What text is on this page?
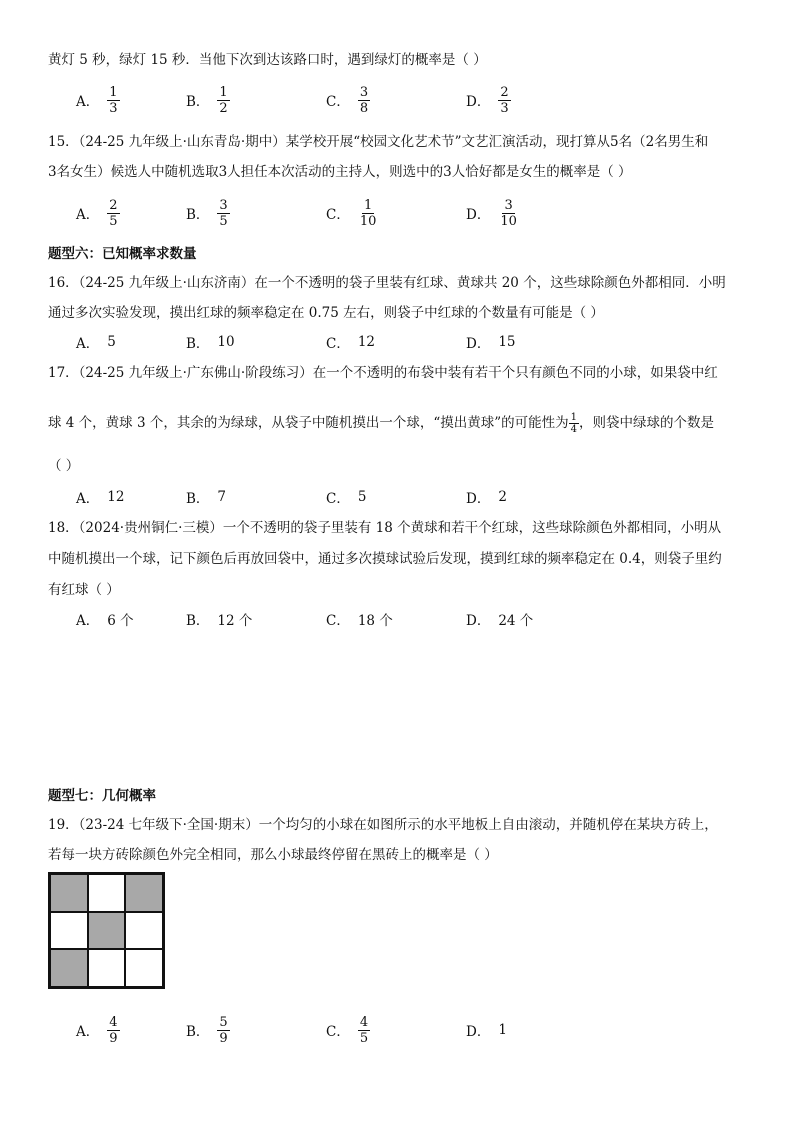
黄灯 5 秒，绿灯 15 秒．当他下次到达该路口时，遇到绿灯的概率是（ ）
A． $\frac{1}{3}$	B． $\frac{1}{2}$	C． $\frac{3}{8}$	D． $\frac{2}{3}$
15．（24-25 九年级上·山东青岛·期中）某学校开展“校园文化艺术节”文艺汇演活动，现打算从5名（2名男生和
3名女生）候选人中随机选取3人担任本次活动的主持人，则选中的3人恰好都是女生的概率是（ ）
A． $\frac{2}{5}$	B． $\frac{3}{5}$	C． $\frac{1}{10}$	D． $\frac{3}{10}$
题型六：已知概率求数量
16．（24-25 九年级上·山东济南）在一个不透明的袋子里装有红球、黄球共 20 个，这些球除颜色外都相同．小明
通过多次实验发现，摸出红球的频率稳定在 0.75 左右，则袋子中红球的个数量有可能是（ ）
A． 5	B． 10	C． 12	D． 15
17．（24-25 九年级上·广东佛山·阶段练习）在一个不透明的布袋中装有若干个只有颜色不同的小球，如果袋中红
球 4 个，黄球 3 个，其余的为绿球，从袋子中随机摸出一个球，“摸出黄球”的可能性为 $\frac{1}{4}$ ，则袋中绿球的个数是
（ ）
A． 12	B． 7	C． 5	D． 2
18．（2024·贵州铜仁·三模）一个不透明的袋子里装有 18 个黄球和若干个红球，这些球除颜色外都相同，小明从
中随机摸出一个球，记下颜色后再放回袋中，通过多次摸球试验后发现，摸到红球的频率稳定在 0.4，则袋子里约
有红球（ ）
A． 6 个	B． 12 个	C． 18 个	D． 24 个
题型七：几何概率
19．（23-24 七年级下·全国·期末）一个均匀的小球在如图所示的水平地板上自由滚动，并随机停在某块方砖上，
若每一块方砖除颜色外完全相同，那么小球最终停留在黑砖上的概率是（ ）
A． $\frac{4}{9}$	B． $\frac{5}{9}$	C． $\frac{4}{5}$	D． 1
